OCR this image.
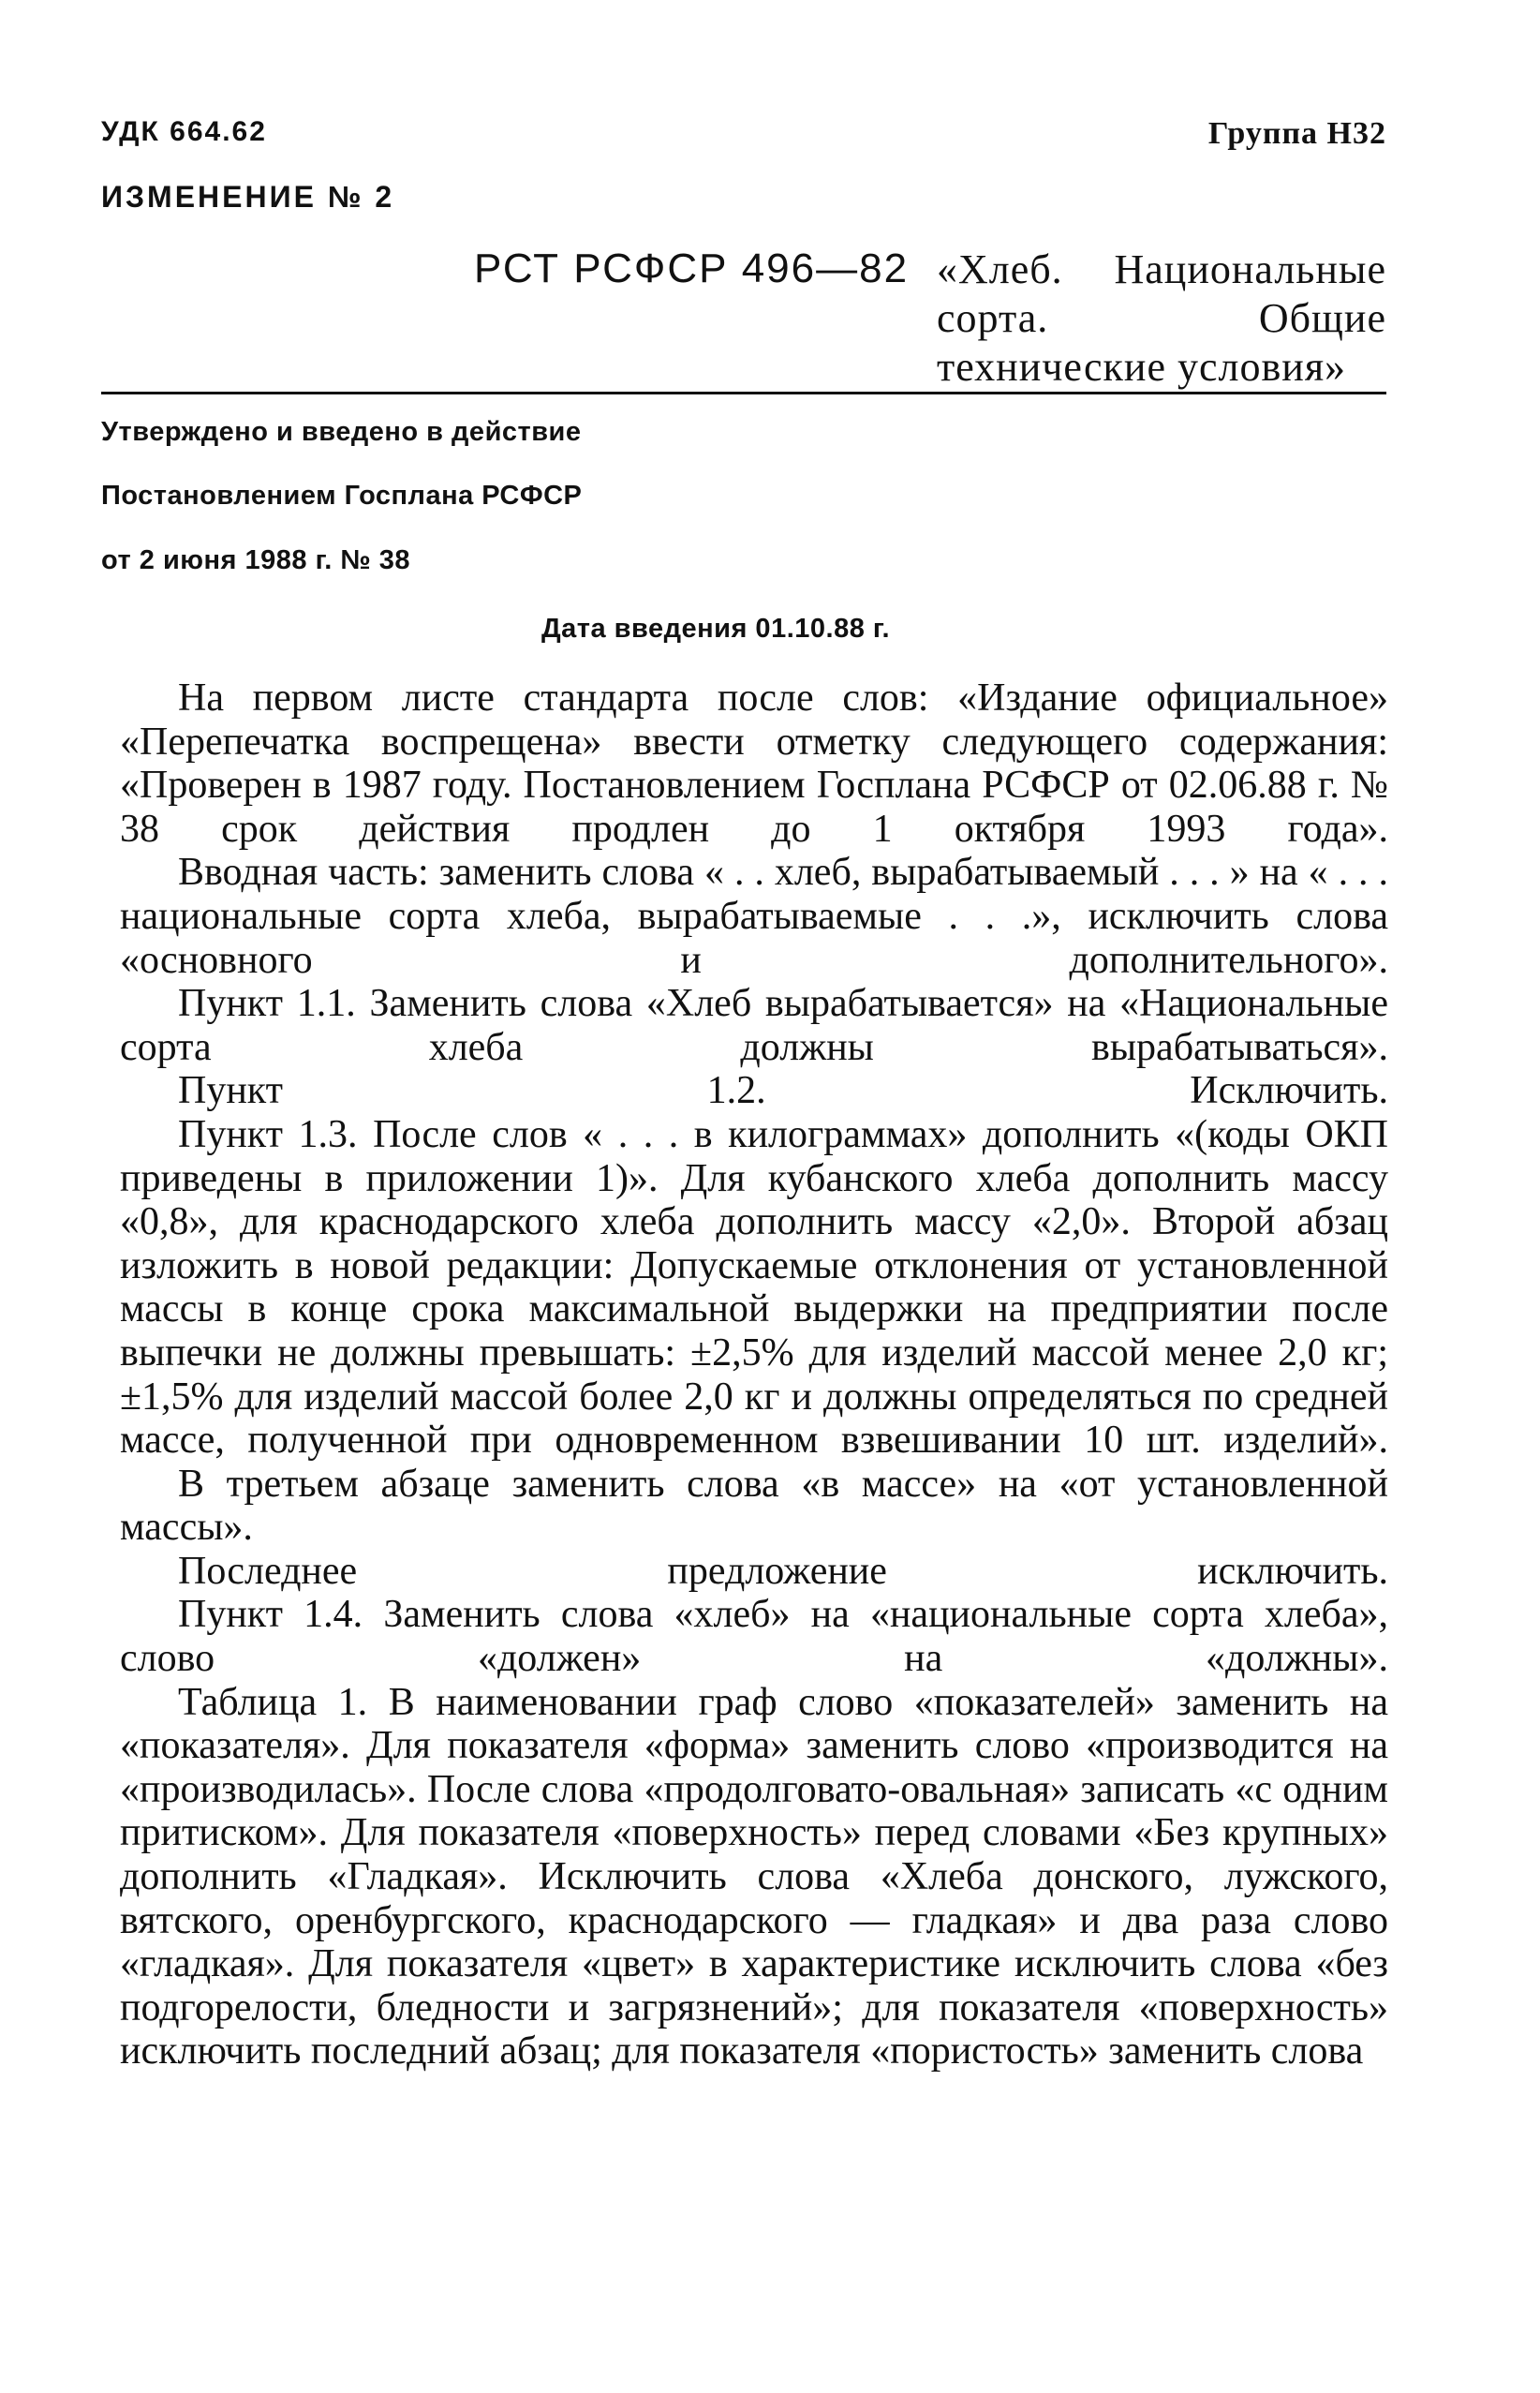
УДК 664.62	Группа Н32
ИЗМЕНЕНИЕ № 2
РСТ РСФСР 496—82 «Хлеб. Национальные сорта. Общие технические условия»
Утверждено и введено в действие
Постановлением Госплана РСФСР
от 2 июня 1988 г. № 38
Дата введения 01.10.88 г.

На первом листе стандарта после слов: «Издание официальное» «Перепечатка воспрещена» ввести отметку следующего содержания: «Проверен в 1987 году. Постановлением Госплана РСФСР от 02.06.88 г. № 38 срок действия продлен до 1 октября 1993 года».

Вводная часть: заменить слова « . . хлеб, вырабатываемый . . . » на « . . . национальные сорта хлеба, вырабатываемые . . .», исключить слова «основного и дополнительного».

Пункт 1.1. Заменить слова «Хлеб вырабатывается» на «Национальные сорта хлеба должны вырабатываться».

Пункт 1.2. Исключить.

Пункт 1.3. После слов « . . . в килограммах» дополнить «(коды ОКП приведены в приложении 1)». Для кубанского хлеба дополнить массу «0,8», для краснодарского хлеба дополнить массу «2,0». Второй абзац изложить в новой редакции: Допускаемые отклонения от установленной массы в конце срока максимальной выдержки на предприятии после выпечки не должны превышать: ±2,5% для изделий массой менее 2,0 кг; ±1,5% для изделий массой более 2,0 кг и должны определяться по средней массе, полученной при одновременном взвешивании 10 шт. изделий».

В третьем абзаце заменить слова «в массе» на «от установленной массы».

Последнее предложение исключить.

Пункт 1.4. Заменить слова «хлеб» на «национальные сорта хлеба», слово «должен» на «должны».

Таблица 1. В наименовании граф слово «показателей» заменить на «показателя». Для показателя «форма» заменить слово «производится на «производилась». После слова «продолговато-овальная» записать «с одним притиском». Для показателя «поверхность» перед словами «Без крупных» дополнить «Гладкая». Исключить слова «Хлеба донского, лужского, вятского, оренбургского, краснодарского — гладкая» и два раза слово «гладкая». Для показателя «цвет» в характеристике исключить слова «без подгорелости, бледности и загрязнений»; для показателя «поверхность» исключить последний абзац; для показателя «пористость» заменить слова
